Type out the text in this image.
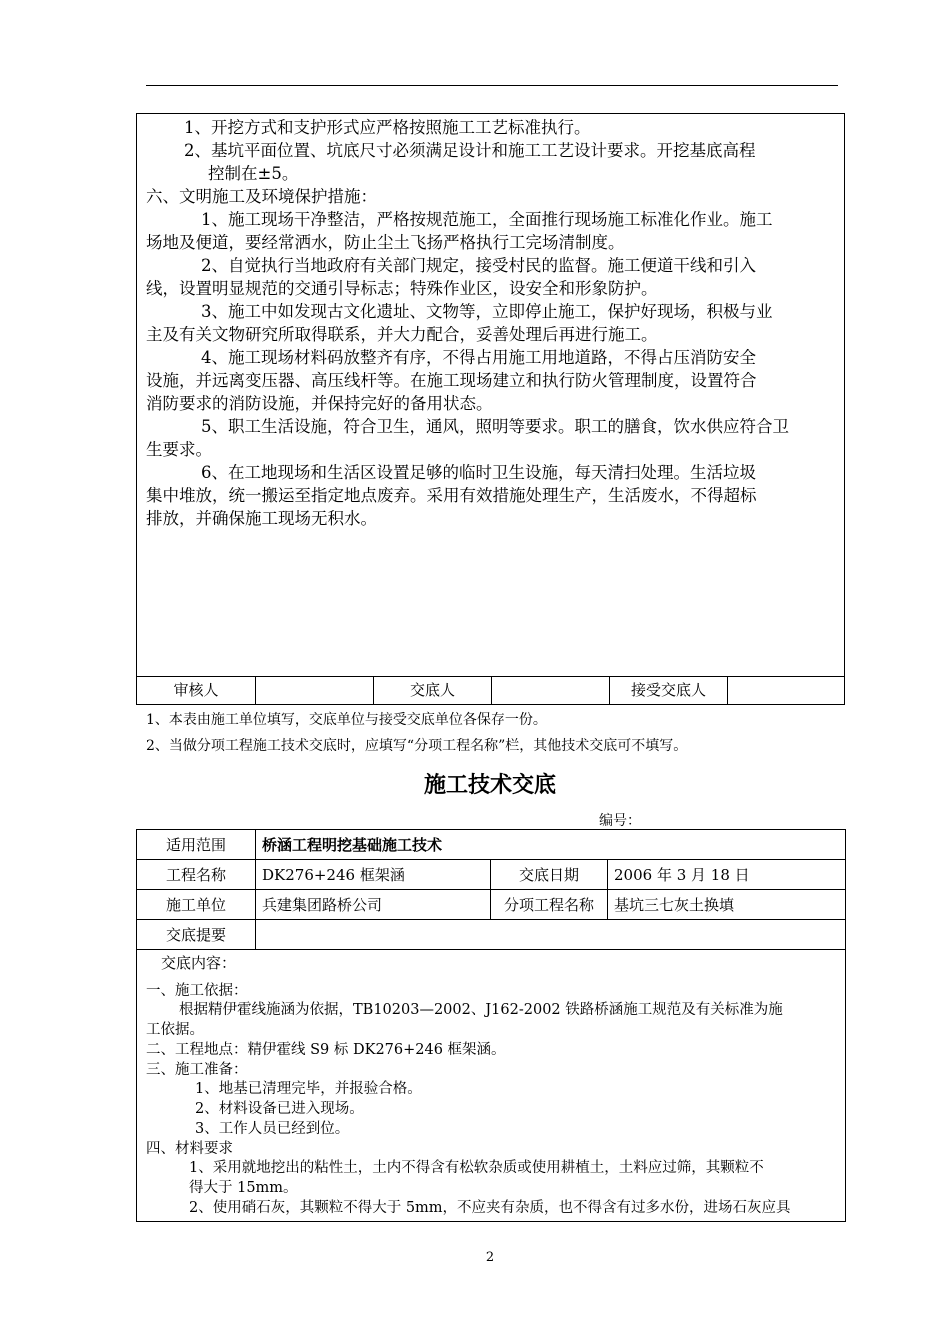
1、开挖方式和支护形式应严格按照施工工艺标准执行。
2、基坑平面位置、坑底尺寸必须满足设计和施工工艺设计要求。开挖基底高程
控制在±5。
六、文明施工及环境保护措施：
1、施工现场干净整洁，严格按规范施工，全面推行现场施工标准化作业。施工
场地及便道，要经常洒水，防止尘土飞扬严格执行工完场清制度。
2、自觉执行当地政府有关部门规定，接受村民的监督。施工便道干线和引入
线，设置明显规范的交通引导标志；特殊作业区，设安全和形象防护。
3、施工中如发现古文化遗址、文物等，立即停止施工，保护好现场，积极与业
主及有关文物研究所取得联系，并大力配合，妥善处理后再进行施工。
4、施工现场材料码放整齐有序，不得占用施工用地道路，不得占压消防安全
设施，并远离变压器、高压线杆等。在施工现场建立和执行防火管理制度，设置符合
消防要求的消防设施，并保持完好的备用状态。
5、职工生活设施，符合卫生，通风，照明等要求。职工的膳食，饮水供应符合卫
生要求。
6、在工地现场和生活区设置足够的临时卫生设施，每天清扫处理。生活垃圾
集中堆放，统一搬运至指定地点废弃。采用有效措施处理生产，生活废水，不得超标
排放，并确保施工现场无积水。
审核人	交底人	接受交底人
1、本表由施工单位填写，交底单位与接受交底单位各保存一份。
2、当做分项工程施工技术交底时，应填写“分项工程名称”栏，其他技术交底可不填写。
施工技术交底
编号：
适用范围	桥涵工程明挖基础施工技术		
工程名称	DK276+246 框架涵	交底日期	2006 年 3 月 18 日
施工单位	兵建集团路桥公司	分项工程名称	基坑三七灰土换填
交底提要			
交底内容：
一、施工依据：
根据精伊霍线施涵为依据，TB10203—2002、J162-2002 铁路桥涵施工规范及有关标准为施
工依据。
二、工程地点：精伊霍线 S9 标 DK276+246 框架涵。
三、施工准备：
1、地基已清理完毕，并报验合格。
2、材料设备已进入现场。
3、工作人员已经到位。
四、材料要求
1、采用就地挖出的粘性土，土内不得含有松软杂质或使用耕植土，土料应过筛，其颗粒不
得大于 15mm。
2、使用硝石灰，其颗粒不得大于 5mm，不应夹有杂质，也不得含有过多水份，进场石灰应具
2
